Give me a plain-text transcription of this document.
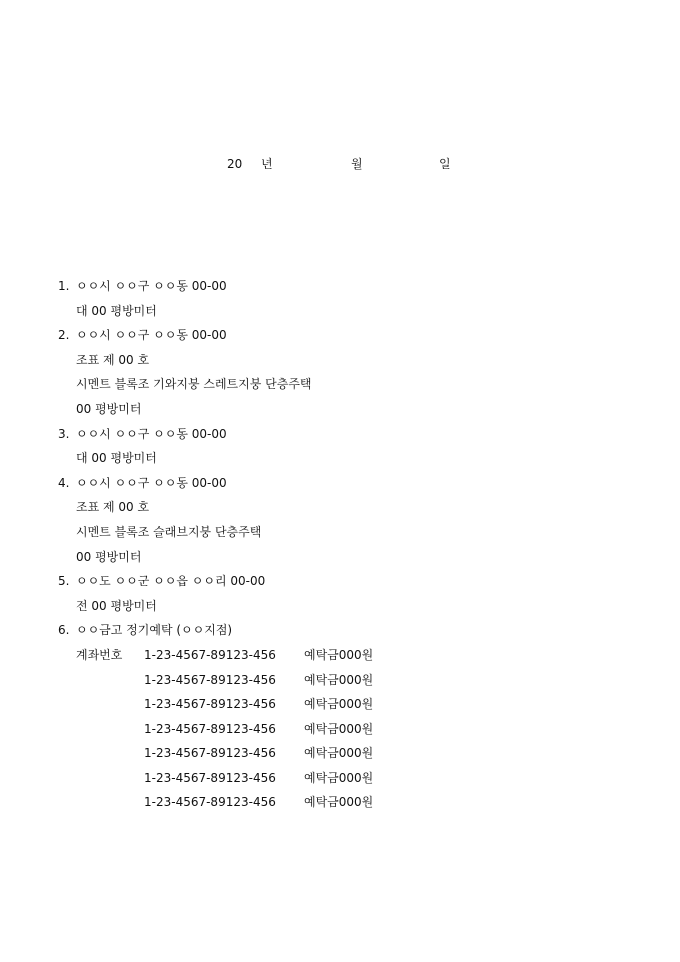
20 년	월	일
1. ㅇㅇ시 ㅇㅇ구 ㅇㅇ동 00-00
대 00 평방미터
2. ㅇㅇ시 ㅇㅇ구 ㅇㅇ동 00-00
조표 제 00 호
시멘트 블록조 기와지붕 스레트지붕 단층주택
00 평방미터
3. ㅇㅇ시 ㅇㅇ구 ㅇㅇ동 00-00
대 00 평방미터
4. ㅇㅇ시 ㅇㅇ구 ㅇㅇ동 00-00
조표 제 00 호
시멘트 블록조 슬래브지붕 단층주택
00 평방미터
5. ㅇㅇ도 ㅇㅇ군 ㅇㅇ읍 ㅇㅇ리 00-00
전 00 평방미터
6. ㅇㅇ금고 정기예탁 (ㅇㅇ지점)
계좌번호 1-23-4567-89123-456 예탁금000원
1-23-4567-89123-456 예탁금000원
1-23-4567-89123-456 예탁금000원
1-23-4567-89123-456 예탁금000원
1-23-4567-89123-456 예탁금000원
1-23-4567-89123-456 예탁금000원
1-23-4567-89123-456 예탁금000원
